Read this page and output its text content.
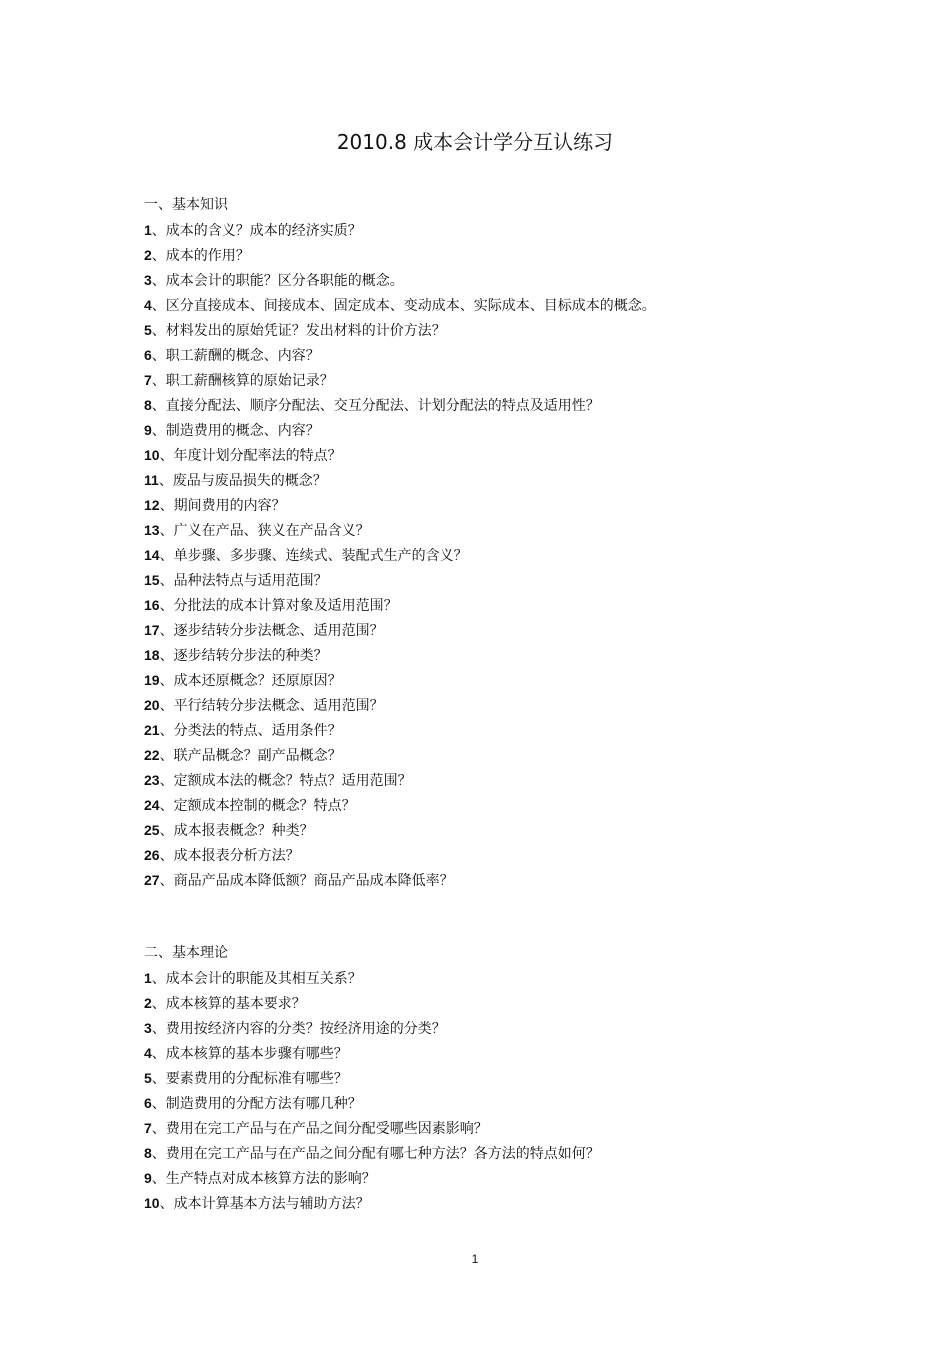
2010.8 成本会计学分互认练习
一、基本知识
1、成本的含义？成本的经济实质？
2、成本的作用？
3、成本会计的职能？区分各职能的概念。
4、区分直接成本、间接成本、固定成本、变动成本、实际成本、目标成本的概念。
5、材料发出的原始凭证？发出材料的计价方法？
6、职工薪酬的概念、内容？
7、职工薪酬核算的原始记录？
8、直接分配法、顺序分配法、交互分配法、计划分配法的特点及适用性？
9、制造费用的概念、内容？
10、年度计划分配率法的特点？
11、废品与废品损失的概念？
12、期间费用的内容？
13、广义在产品、狭义在产品含义？
14、单步骤、多步骤、连续式、装配式生产的含义？
15、品种法特点与适用范围？
16、分批法的成本计算对象及适用范围？
17、逐步结转分步法概念、适用范围？
18、逐步结转分步法的种类？
19、成本还原概念？还原原因？
20、平行结转分步法概念、适用范围？
21、分类法的特点、适用条件？
22、联产品概念？副产品概念？
23、定额成本法的概念？特点？适用范围？
24、定额成本控制的概念？特点？
25、成本报表概念？种类？
26、成本报表分析方法？
27、商品产品成本降低额？商品产品成本降低率？
二、基本理论
1、成本会计的职能及其相互关系？
2、成本核算的基本要求？
3、费用按经济内容的分类？按经济用途的分类？
4、成本核算的基本步骤有哪些？
5、要素费用的分配标准有哪些？
6、制造费用的分配方法有哪几种？
7、费用在完工产品与在产品之间分配受哪些因素影响？
8、费用在完工产品与在产品之间分配有哪七种方法？各方法的特点如何？
9、生产特点对成本核算方法的影响？
10、成本计算基本方法与辅助方法？
1
